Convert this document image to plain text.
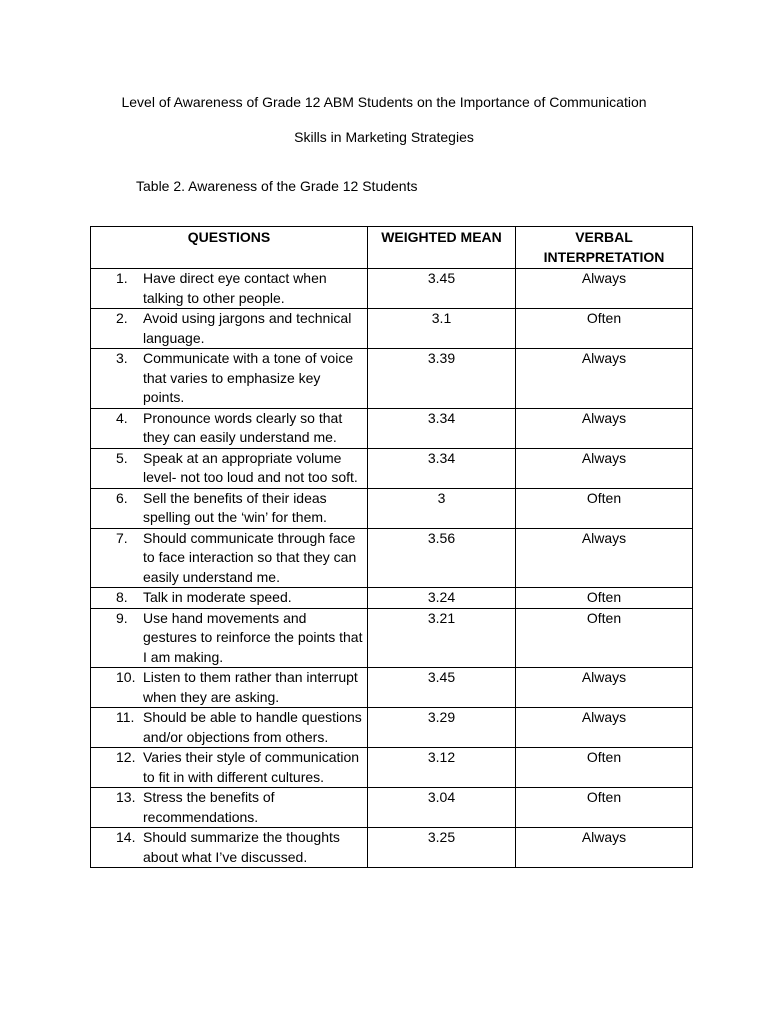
Level of Awareness of Grade 12 ABM Students on the Importance of Communication
Skills in Marketing Strategies
Table 2. Awareness of the Grade 12 Students
QUESTIONS	WEIGHTED MEAN	VERBAL INTERPRETATION

1. Have direct eye contact when talking to other people.	3.45	Always

2. Avoid using jargons and technical language.	3.1	Often

3. Communicate with a tone of voice that varies to emphasize key points.	3.39	Always

4. Pronounce words clearly so that they can easily understand me.	3.34	Always

5. Speak at an appropriate volume level- not too loud and not too soft.	3.34	Always

6. Sell the benefits of their ideas spelling out the ‘win’ for them.	3	Often

7. Should communicate through face to face interaction so that they can easily understand me.	3.56	Always

8. Talk in moderate speed.	3.24	Often

9. Use hand movements and gestures to reinforce the points that I am making.	3.21	Often

10. Listen to them rather than interrupt when they are asking.	3.45	Always

11. Should be able to handle questions and/or objections from others.	3.29	Always

12. Varies their style of communication to fit in with different cultures.	3.12	Often

13. Stress the benefits of recommendations.	3.04	Often

14. Should summarize the thoughts about what I’ve discussed.	3.25	Always
